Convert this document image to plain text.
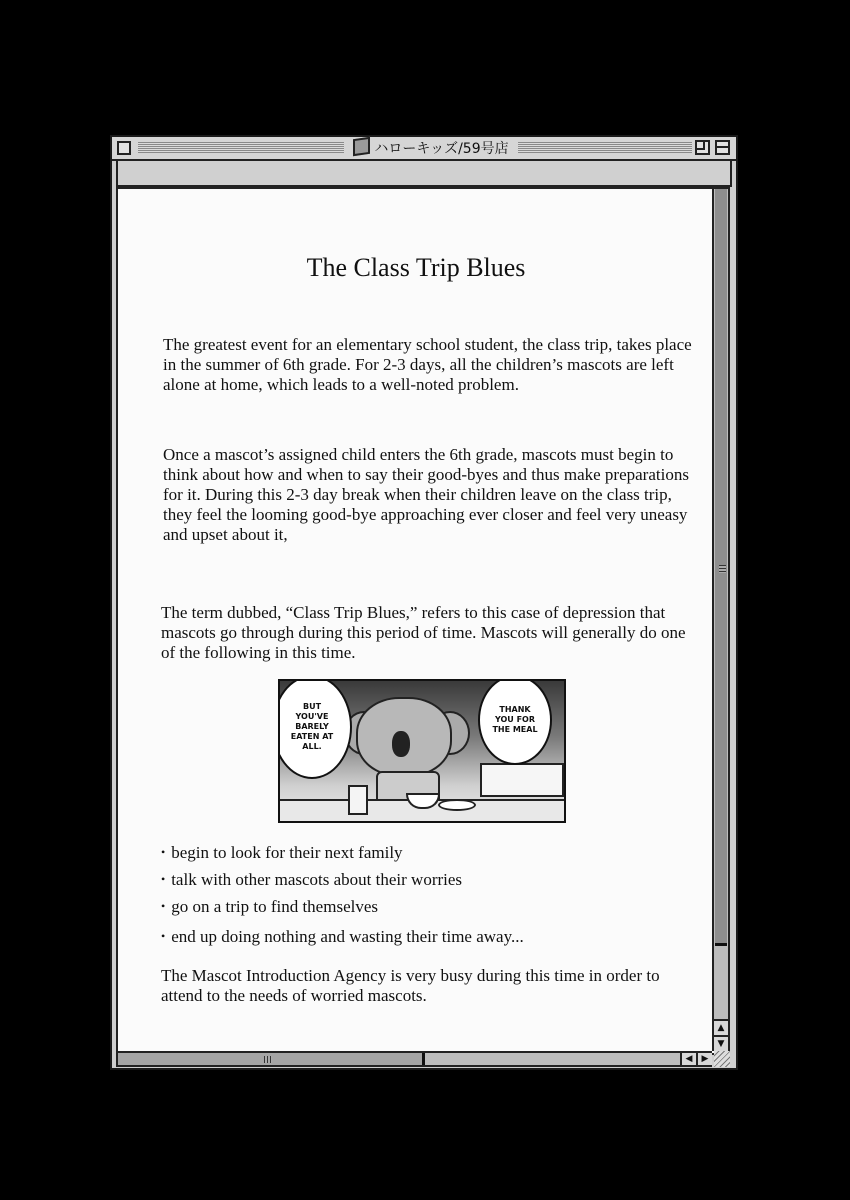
ハローキッズ/59号店
The Class Trip Blues
The greatest event for an elementary school student, the class trip, takes place in the summer of 6th grade. For 2-3 days, all the children’s mascots are left alone at home, which leads to a well-noted problem.
Once a mascot’s assigned child enters the 6th grade, mascots must begin to think about how and when to say their good-byes and thus make preparations for it. During this 2-3 day break when their children leave on the class trip, they feel the looming good-bye approaching ever closer and feel very uneasy and upset about it,
The term dubbed, “Class Trip Blues,” refers to this case of depression that mascots go through during this period of time. Mascots will generally do one of the following in this time.
BUT YOU'VE BARELY EATEN AT ALL.
THANK YOU FOR THE MEAL
• begin to look for their next family
• talk with other mascots about their worries
• go on a trip to find themselves
• end up doing nothing and wasting their time away...
The Mascot Introduction Agency is very busy during this time in order to attend to the needs of worried mascots.
▲
▼
◀ ▶
